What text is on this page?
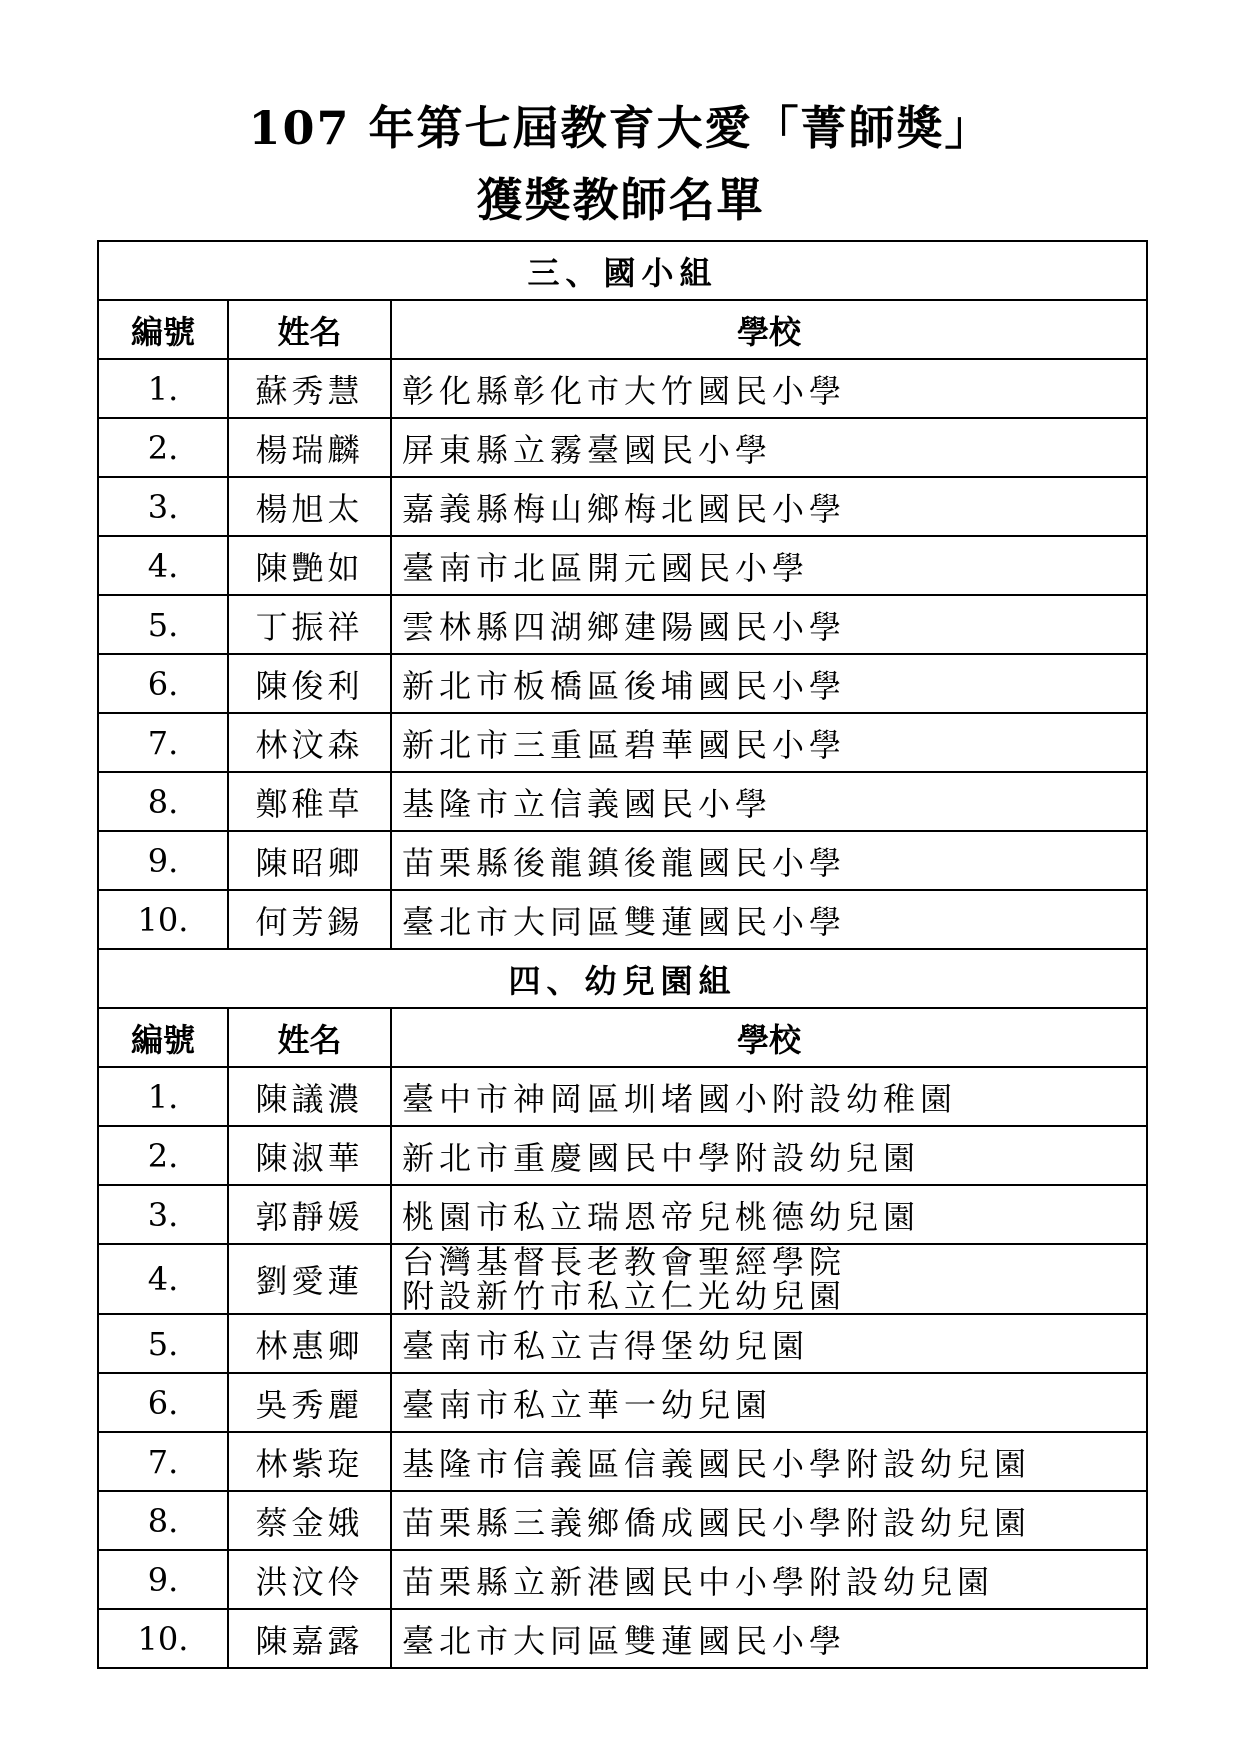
107 年第七屆教育大愛「菁師獎」
獲獎教師名單
三、國小組		
編號	姓名	學校
1.	蘇秀慧	彰化縣彰化市大竹國民小學
2.	楊瑞麟	屏東縣立霧臺國民小學
3.	楊旭太	嘉義縣梅山鄉梅北國民小學
4.	陳艷如	臺南市北區開元國民小學
5.	丁振祥	雲林縣四湖鄉建陽國民小學
6.	陳俊利	新北市板橋區後埔國民小學
7.	林汶森	新北市三重區碧華國民小學
8.	鄭稚草	基隆市立信義國民小學
9.	陳昭卿	苗栗縣後龍鎮後龍國民小學
10.	何芳錫	臺北市大同區雙蓮國民小學
四、幼兒園組		
編號	姓名	學校
1.	陳議濃	臺中市神岡區圳堵國小附設幼稚園
2.	陳淑華	新北市重慶國民中學附設幼兒園
3.	郭靜媛	桃園市私立瑞恩帝兒桃德幼兒園
4.	劉愛蓮	台灣基督長老教會聖經學院
附設新竹市私立仁光幼兒園

5.	林惠卿	臺南市私立吉得堡幼兒園
6.	吳秀麗	臺南市私立華一幼兒園
7.	林紫琁	基隆市信義區信義國民小學附設幼兒園
8.	蔡金娥	苗栗縣三義鄉僑成國民小學附設幼兒園
9.	洪汶伶	苗栗縣立新港國民中小學附設幼兒園
10.	陳嘉露	臺北市大同區雙蓮國民小學
